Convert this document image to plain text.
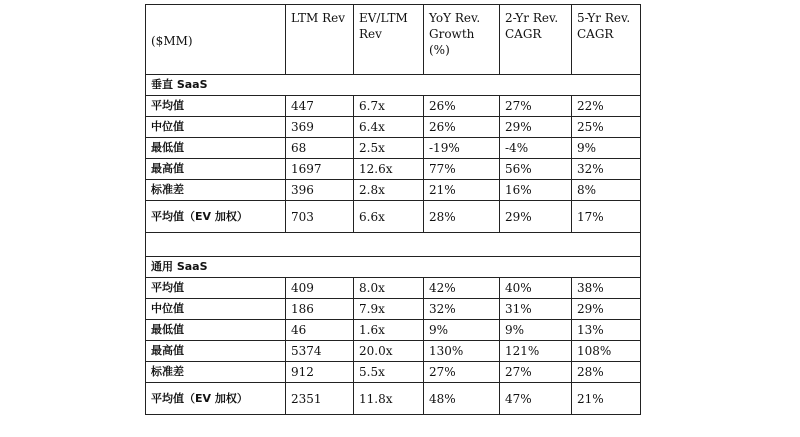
($MM)	LTM Rev	EV/LTM Rev	YoY Rev. Growth (%)	2-Yr Rev. CAGR	5-Yr Rev. CAGR
垂直 SaaS					
平均值	447	6.7x	26%	27%	22%
中位值	369	6.4x	26%	29%	25%
最低值	68	2.5x	-19%	-4%	9%
最高值	1697	12.6x	77%	56%	32%
标准差	396	2.8x	21%	16%	8%
平均值（EV 加权）	703	6.6x	28%	29%	17%

通用 SaaS					
平均值	409	8.0x	42%	40%	38%
中位值	186	7.9x	32%	31%	29%
最低值	46	1.6x	9%	9%	13%
最高值	5374	20.0x	130%	121%	108%
标准差	912	5.5x	27%	27%	28%
平均值（EV 加权）	2351	11.8x	48%	47%	21%
